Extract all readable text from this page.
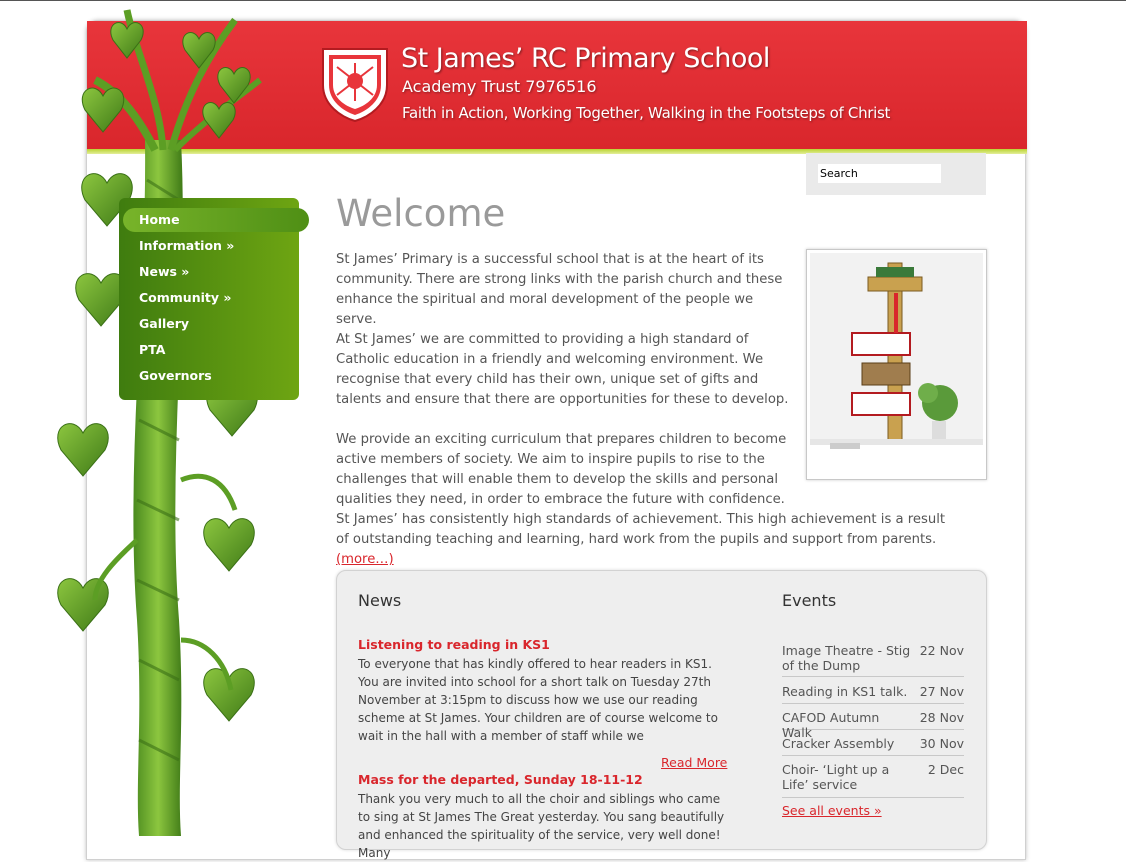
St James’ RC Primary School
Academy Trust 7976516
Faith in Action, Working Together, Walking in the Footsteps of Christ
Home
Information »
News »
Community »
Gallery
PTA
Governors
Search
Welcome
St James’ Primary is a successful school that is at the heart of its community. There are strong links with the parish church and these enhance the spiritual and moral development of the people we serve.
At St James’ we are committed to providing a high standard of Catholic education in a friendly and welcoming environment. We recognise that every child has their own, unique set of gifts and talents and ensure that there are opportunities for these to develop.
We provide an exciting curriculum that prepares children to become active members of society. We aim to inspire pupils to rise to the challenges that will enable them to develop the skills and personal qualities they need, in order to embrace the future with confidence.
St James’ has consistently high standards of achievement. This high achievement is a result of outstanding teaching and learning, hard work from the pupils and support from parents. (more…)
News
Listening to reading in KS1
To everyone that has kindly offered to hear readers in KS1. You are invited into school for a short talk on Tuesday 27th November at 3:15pm to discuss how we use our reading scheme at St James. Your children are of course welcome to wait in the hall with a member of staff while we
Read More
Mass for the departed, Sunday 18-11-12
Thank you very much to all the choir and siblings who came to sing at St James The Great yesterday. You sang beautifully and enhanced the spirituality of the service, very well done! Many
Events
Image Theatre - Stig of the Dump
22 Nov
Reading in KS1 talk. 27 Nov
CAFOD Autumn Walk
28 Nov
Cracker Assembly	30 Nov
Choir- ‘Light up a Life’ service
2 Dec
See all events »
